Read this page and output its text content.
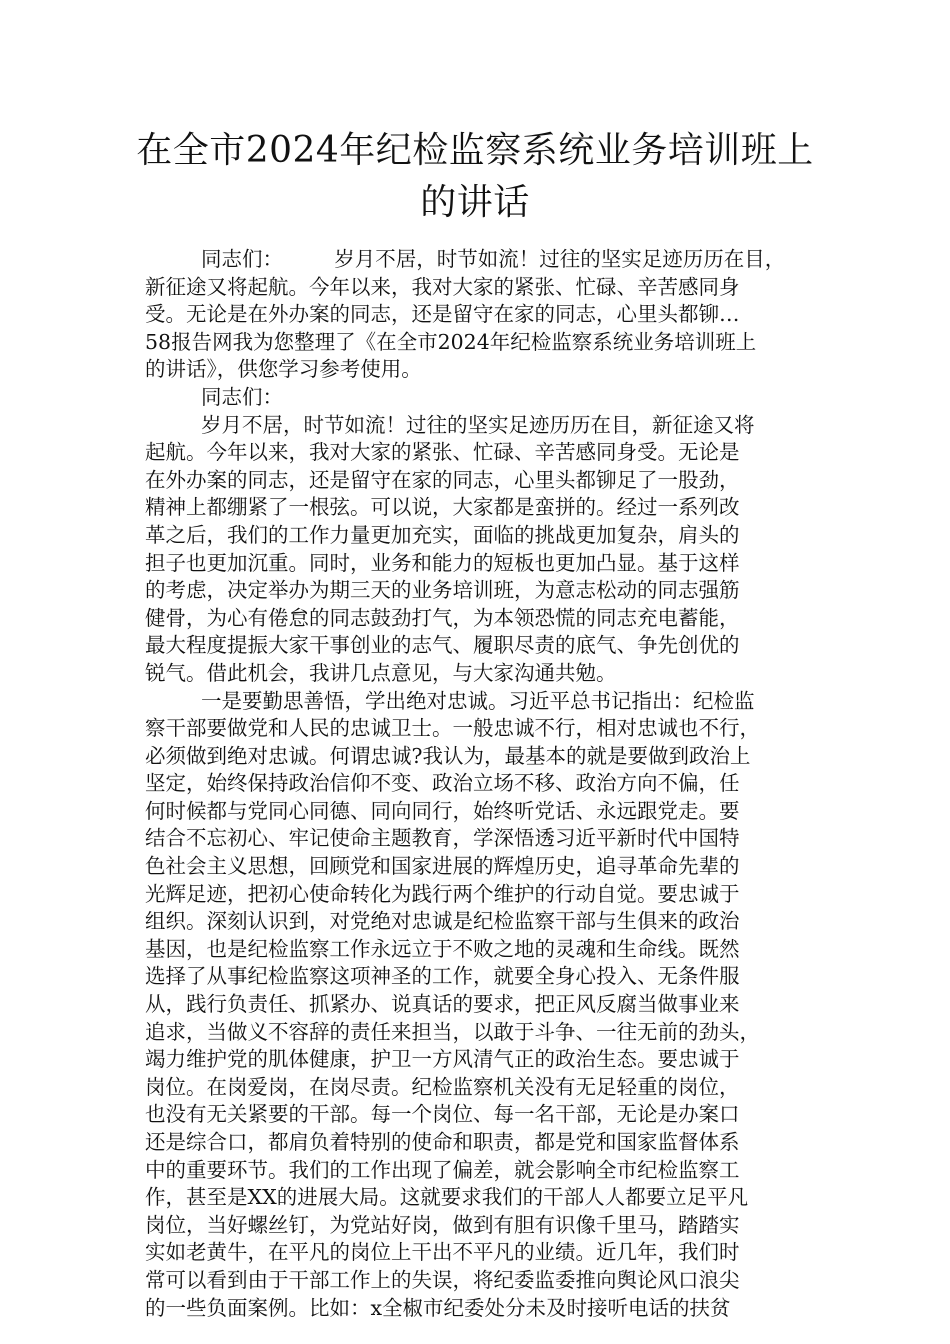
在全市2024年纪检监察系统业务培训班上
的讲话
同志们：　　　岁月不居，时节如流！过往的坚实足迹历历在目，
新征途又将起航。今年以来，我对大家的紧张、忙碌、辛苦感同身
受。无论是在外办案的同志，还是留守在家的同志，心里头都铆…
58报告网我为您整理了《在全市2024年纪检监察系统业务培训班上
的讲话》，供您学习参考使用。
同志们：
岁月不居，时节如流！过往的坚实足迹历历在目，新征途又将
起航。今年以来，我对大家的紧张、忙碌、辛苦感同身受。无论是
在外办案的同志，还是留守在家的同志，心里头都铆足了一股劲，
精神上都绷紧了一根弦。可以说，大家都是蛮拼的。经过一系列改
革之后，我们的工作力量更加充实，面临的挑战更加复杂，肩头的
担子也更加沉重。同时，业务和能力的短板也更加凸显。基于这样
的考虑，决定举办为期三天的业务培训班，为意志松动的同志强筋
健骨，为心有倦怠的同志鼓劲打气，为本领恐慌的同志充电蓄能，
最大程度提振大家干事创业的志气、履职尽责的底气、争先创优的
锐气。借此机会，我讲几点意见，与大家沟通共勉。
一是要勤思善悟，学出绝对忠诚。习近平总书记指出：纪检监
察干部要做党和人民的忠诚卫士。一般忠诚不行，相对忠诚也不行，
必须做到绝对忠诚。何谓忠诚?我认为，最基本的就是要做到政治上
坚定，始终保持政治信仰不变、政治立场不移、政治方向不偏，任
何时候都与党同心同德、同向同行，始终听党话、永远跟党走。要
结合不忘初心、牢记使命主题教育，学深悟透习近平新时代中国特
色社会主义思想，回顾党和国家进展的辉煌历史，追寻革命先辈的
光辉足迹，把初心使命转化为践行两个维护的行动自觉。要忠诚于
组织。深刻认识到，对党绝对忠诚是纪检监察干部与生俱来的政治
基因，也是纪检监察工作永远立于不败之地的灵魂和生命线。既然
选择了从事纪检监察这项神圣的工作，就要全身心投入、无条件服
从，践行负责任、抓紧办、说真话的要求，把正风反腐当做事业来
追求，当做义不容辞的责任来担当，以敢于斗争、一往无前的劲头，
竭力维护党的肌体健康，护卫一方风清气正的政治生态。要忠诚于
岗位。在岗爱岗，在岗尽责。纪检监察机关没有无足轻重的岗位，
也没有无关紧要的干部。每一个岗位、每一名干部，无论是办案口
还是综合口，都肩负着特别的使命和职责，都是党和国家监督体系
中的重要环节。我们的工作出现了偏差，就会影响全市纪检监察工
作，甚至是XX的进展大局。这就要求我们的干部人人都要立足平凡
岗位，当好螺丝钉，为党站好岗，做到有胆有识像千里马，踏踏实
实如老黄牛，在平凡的岗位上干出不平凡的业绩。近几年，我们时
常可以看到由于干部工作上的失误，将纪委监委推向舆论风口浪尖
的一些负面案例。比如：x全椒市纪委处分未及时接听电话的扶贫
